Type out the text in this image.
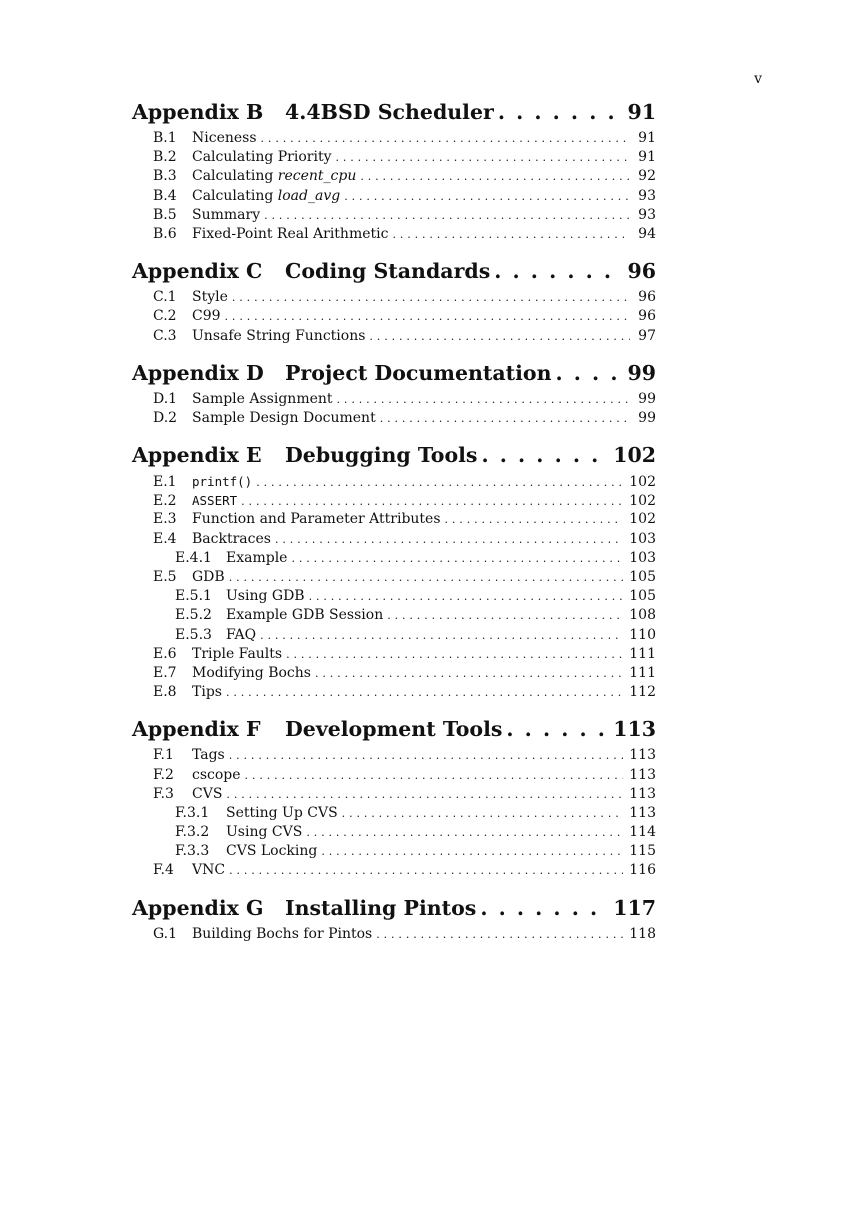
v
Appendix B	4.4BSD Scheduler . . .	91
B.1	Niceness . . .	91
B.2	Calculating Priority . . .	91
B.3	Calculating recent_cpu . . .	92
B.4	Calculating load_avg . . .	93
B.5	Summary . . .	93
B.6	Fixed-Point Real Arithmetic . . .	94
Appendix C	Coding Standards . . .	96
C.1	Style . . .	96
C.2	C99 . . .	96
C.3	Unsafe String Functions . . .	97
Appendix D	Project Documentation . . .	99
D.1	Sample Assignment . . .	99
D.2	Sample Design Document . . .	99
Appendix E	Debugging Tools . . .	102
E.1	printf() . . .	102
E.2	ASSERT . . .	102
E.3	Function and Parameter Attributes . . .	102
E.4	Backtraces . . .	103
E.4.1	Example . . .	103
E.5	GDB . . .	105
E.5.1	Using GDB . . .	105
E.5.2	Example GDB Session . . .	108
E.5.3	FAQ . . .	110
E.6	Triple Faults . . .	111
E.7	Modifying Bochs . . .	111
E.8	Tips . . .	112
Appendix F	Development Tools . . .	113
F.1	Tags . . .	113
F.2	cscope . . .	113
F.3	CVS . . .	113
F.3.1	Setting Up CVS . . .	113
F.3.2	Using CVS . . .	114
F.3.3	CVS Locking . . .	115
F.4	VNC . . .	116
Appendix G	Installing Pintos . . .	117
G.1	Building Bochs for Pintos . . .	118
